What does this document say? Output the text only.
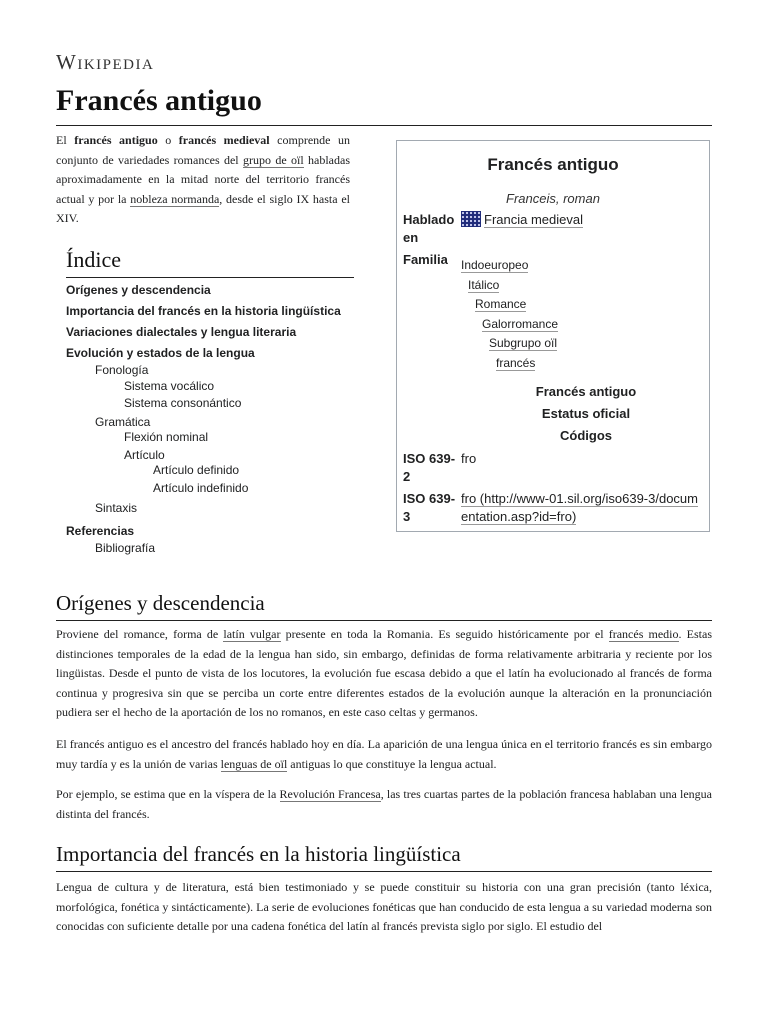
Wikipedia
Francés antiguo

El francés antiguo o francés medieval comprende un conjunto de variedades romances del grupo de oïl habladas aproximadamente en la mitad norte del territorio francés actual y por la nobleza normanda, desde el siglo IX hasta el XIV.

Francés antiguo
Franceis, roman
Hablado en
Francia medieval
Familia Indoeuropeo
Itálico
Romance
Galorromance
Subgrupo oïl
francés
Francés antiguo
Estatus oficial
Códigos
ISO 639-2
fro
ISO 639-3
fro (http://www-01.sil.org/iso639-3/documentation.asp?id=fro)
Índice
Orígenes y descendencia
Importancia del francés en la historia lingüística
Variaciones dialectales y lengua literaria
Evolución y estados de la lengua
Fonología
Sistema vocálico
Sistema consonántico
Gramática
Flexión nominal
Artículo
Artículo definido
Artículo indefinido
Sintaxis
Referencias
Bibliografía
Orígenes y descendencia

Proviene del romance, forma de latín vulgar presente en toda la Romania. Es seguido históricamente por el francés medio. Estas distinciones temporales de la edad de la lengua han sido, sin embargo, definidas de forma relativamente arbitraria y reciente por los lingüistas. Desde el punto de vista de los locutores, la evolución fue escasa debido a que el latín ha evolucionado al francés de forma continua y progresiva sin que se perciba un corte entre diferentes estados de la evolución aunque la alteración en la pronunciación pudiera ser el hecho de la aportación de los no romanos, en este caso celtas y germanos.

El francés antiguo es el ancestro del francés hablado hoy en día. La aparición de una lengua única en el territorio francés es sin embargo muy tardía y es la unión de varias lenguas de oïl antiguas lo que constituye la lengua actual.

Por ejemplo, se estima que en la víspera de la Revolución Francesa, las tres cuartas partes de la población francesa hablaban una lengua distinta del francés.

Importancia del francés en la historia lingüística

Lengua de cultura y de literatura, está bien testimoniado y se puede constituir su historia con una gran precisión (tanto léxica, morfológica, fonética y sintácticamente). La serie de evoluciones fonéticas que han conducido de esta lengua a su variedad moderna son conocidas con suficiente detalle por una cadena fonética del latín al francés prevista siglo por siglo. El estudio del
